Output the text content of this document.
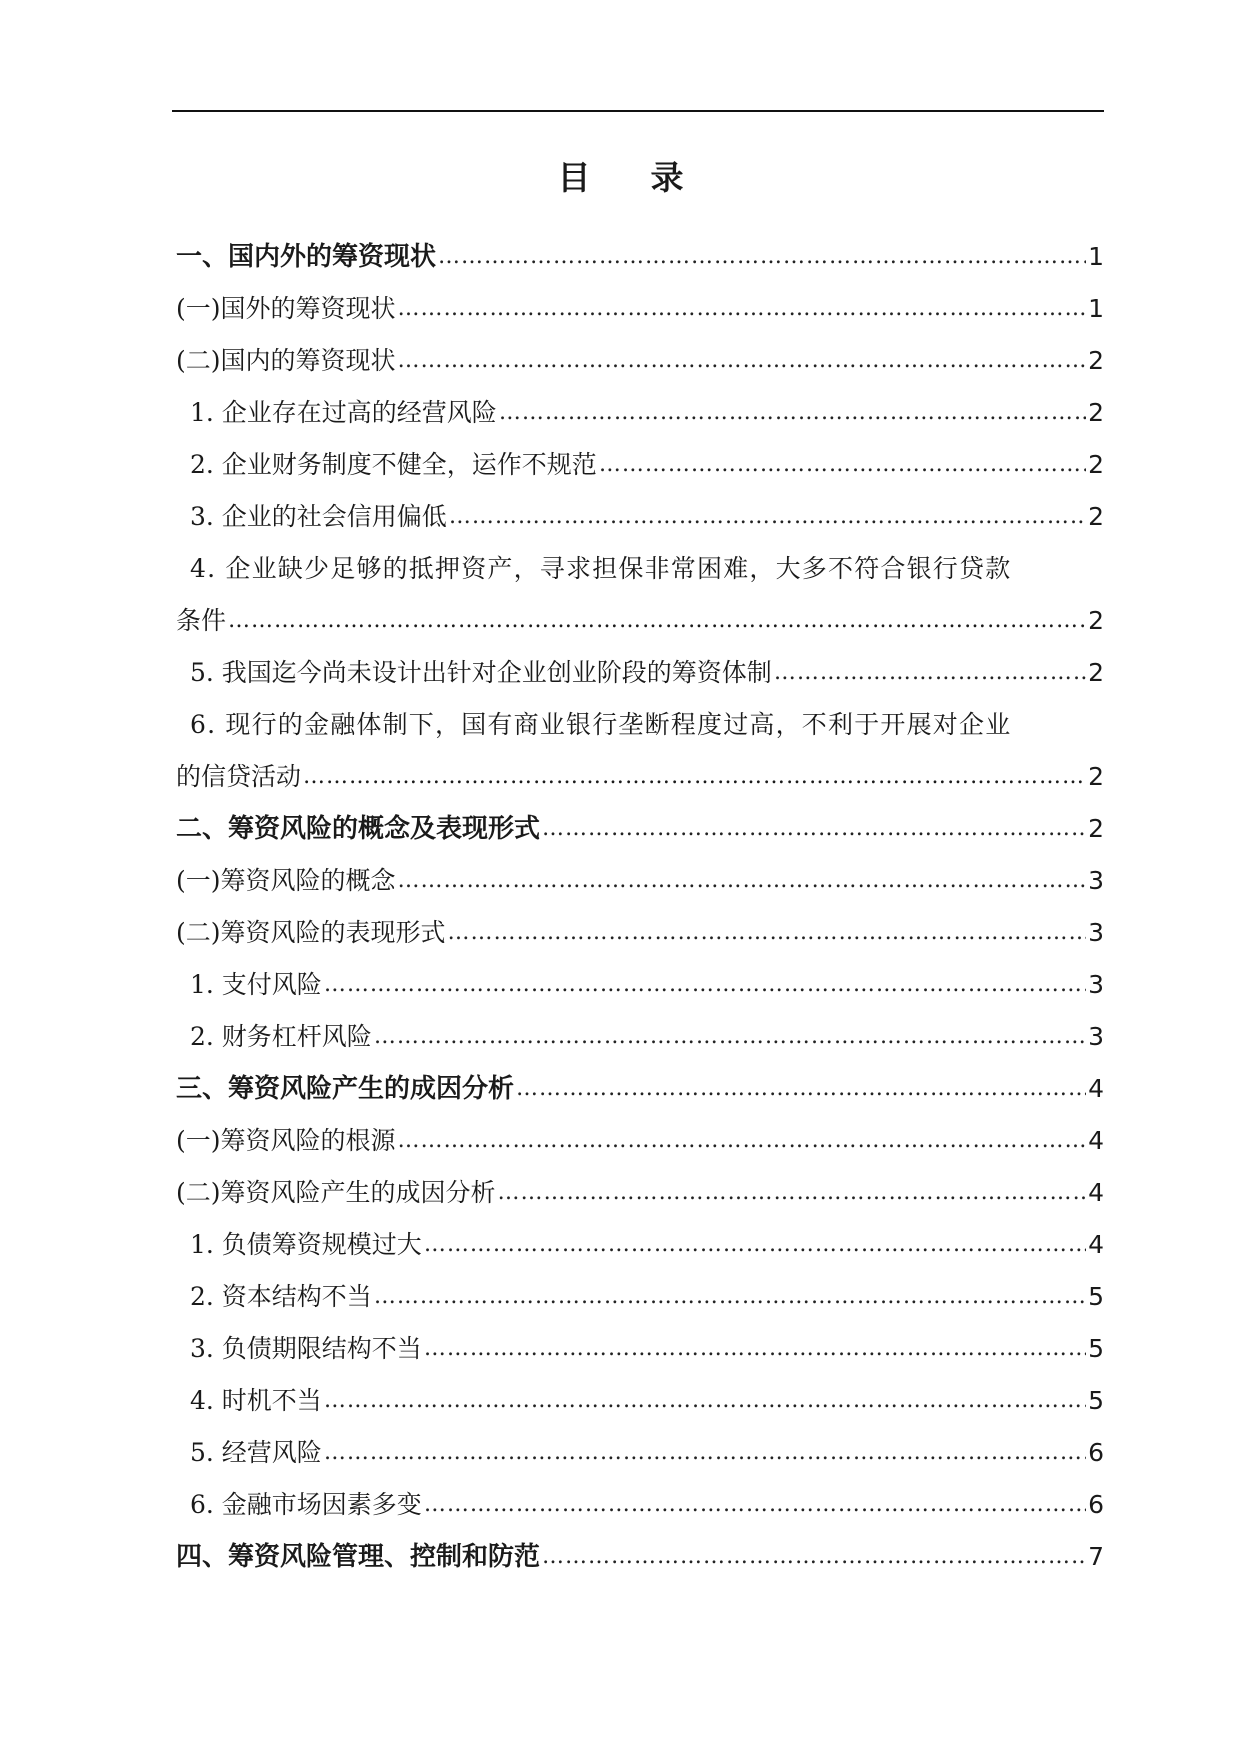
目录
一、国内外的筹资现状 ……………………………………………………………………………………………………………………………………………………………………………………………………………………………………………………	1
(一)国外的筹资现状 ……………………………………………………………………………………………………………………………………………………………………………………………………………………………………………………	1
(二)国内的筹资现状 ……………………………………………………………………………………………………………………………………………………………………………………………………………………………………………………	2
1. 企业存在过高的经营风险 ……………………………………………………………………………………………………………………………………………………………………………………………………………………………………………………	2
2. 企业财务制度不健全，运作不规范 ……………………………………………………………………………………………………………………………………………………………………………………………………………………………………………………	2
3. 企业的社会信用偏低 ……………………………………………………………………………………………………………………………………………………………………………………………………………………………………………………	2
4. 企业缺少足够的抵押资产，寻求担保非常困难，大多不符合银行贷款
条件 ……………………………………………………………………………………………………………………………………………………………………………………………………………………………………………………	2
5. 我国迄今尚未设计出针对企业创业阶段的筹资体制 ……………………………………………………………………………………………………………………………………………………………………………………………………………………………………………………	2
6. 现行的金融体制下，国有商业银行垄断程度过高，不利于开展对企业
的信贷活动 ……………………………………………………………………………………………………………………………………………………………………………………………………………………………………………………	2
二、筹资风险的概念及表现形式 ……………………………………………………………………………………………………………………………………………………………………………………………………………………………………………………	2
(一)筹资风险的概念 ……………………………………………………………………………………………………………………………………………………………………………………………………………………………………………………	3
(二)筹资风险的表现形式 ……………………………………………………………………………………………………………………………………………………………………………………………………………………………………………………	3
1. 支付风险 ……………………………………………………………………………………………………………………………………………………………………………………………………………………………………………………	3
2. 财务杠杆风险 ……………………………………………………………………………………………………………………………………………………………………………………………………………………………………………………	3
三、筹资风险产生的成因分析 ……………………………………………………………………………………………………………………………………………………………………………………………………………………………………………………	4
(一)筹资风险的根源 ……………………………………………………………………………………………………………………………………………………………………………………………………………………………………………………	4
(二)筹资风险产生的成因分析 ……………………………………………………………………………………………………………………………………………………………………………………………………………………………………………………	4
1. 负债筹资规模过大 ……………………………………………………………………………………………………………………………………………………………………………………………………………………………………………………	4
2. 资本结构不当 ……………………………………………………………………………………………………………………………………………………………………………………………………………………………………………………	5
3. 负债期限结构不当 ……………………………………………………………………………………………………………………………………………………………………………………………………………………………………………………	5
4. 时机不当 ……………………………………………………………………………………………………………………………………………………………………………………………………………………………………………………	5
5. 经营风险 ……………………………………………………………………………………………………………………………………………………………………………………………………………………………………………………	6
6. 金融市场因素多变 ……………………………………………………………………………………………………………………………………………………………………………………………………………………………………………………	6
四、筹资风险管理、控制和防范 ……………………………………………………………………………………………………………………………………………………………………………………………………………………………………………………	7
